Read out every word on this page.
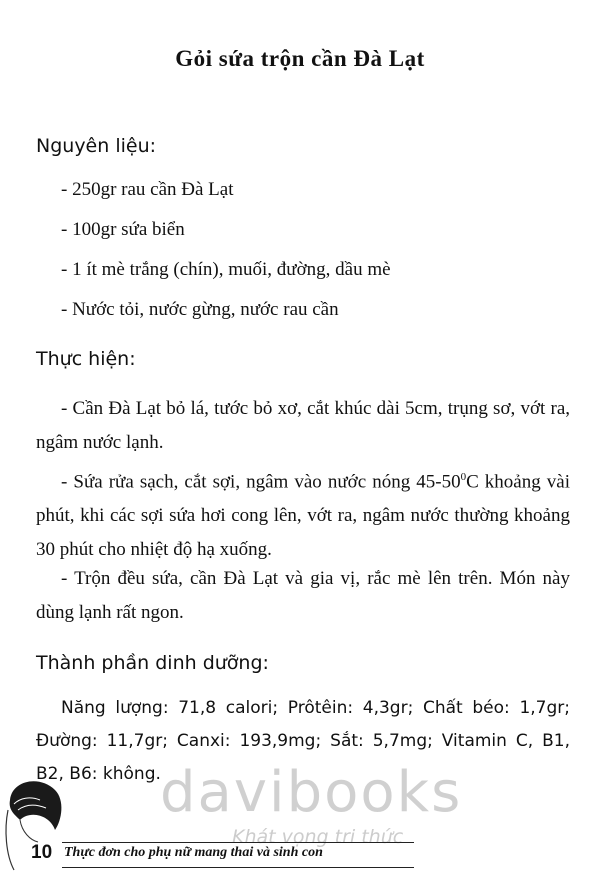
Gỏi sứa trộn cần Đà Lạt
Nguyên liệu:
- 250gr rau cần Đà Lạt
- 100gr sứa biển
- 1 ít mè trắng (chín), muối, đường, dầu mè
- Nước tỏi, nước gừng, nước rau cần
Thực hiện:
- Cần Đà Lạt bỏ lá, tước bỏ xơ, cắt khúc dài 5cm, trụng sơ, vớt ra, ngâm nước lạnh.
- Sứa rửa sạch, cắt sợi, ngâm vào nước nóng $45-50^0C$ khoảng vài phút, khi các sợi sứa hơi cong lên, vớt ra, ngâm nước thường khoảng 30 phút cho nhiệt độ hạ xuống.
- Trộn đều sứa, cần Đà Lạt và gia vị, rắc mè lên trên. Món này dùng lạnh rất ngon.
Thành phần dinh dưỡng:
Năng lượng: 71,8 calori; Prôtêin: 4,3gr; Chất béo: 1,7gr; Đường: 11,7gr; Canxi: 193,9mg; Sắt: 5,7mg; Vitamin C, B1, B2, B6: không. davibooks
Khát vọng tri thức
10 Thực đơn cho phụ nữ mang thai và sinh con
